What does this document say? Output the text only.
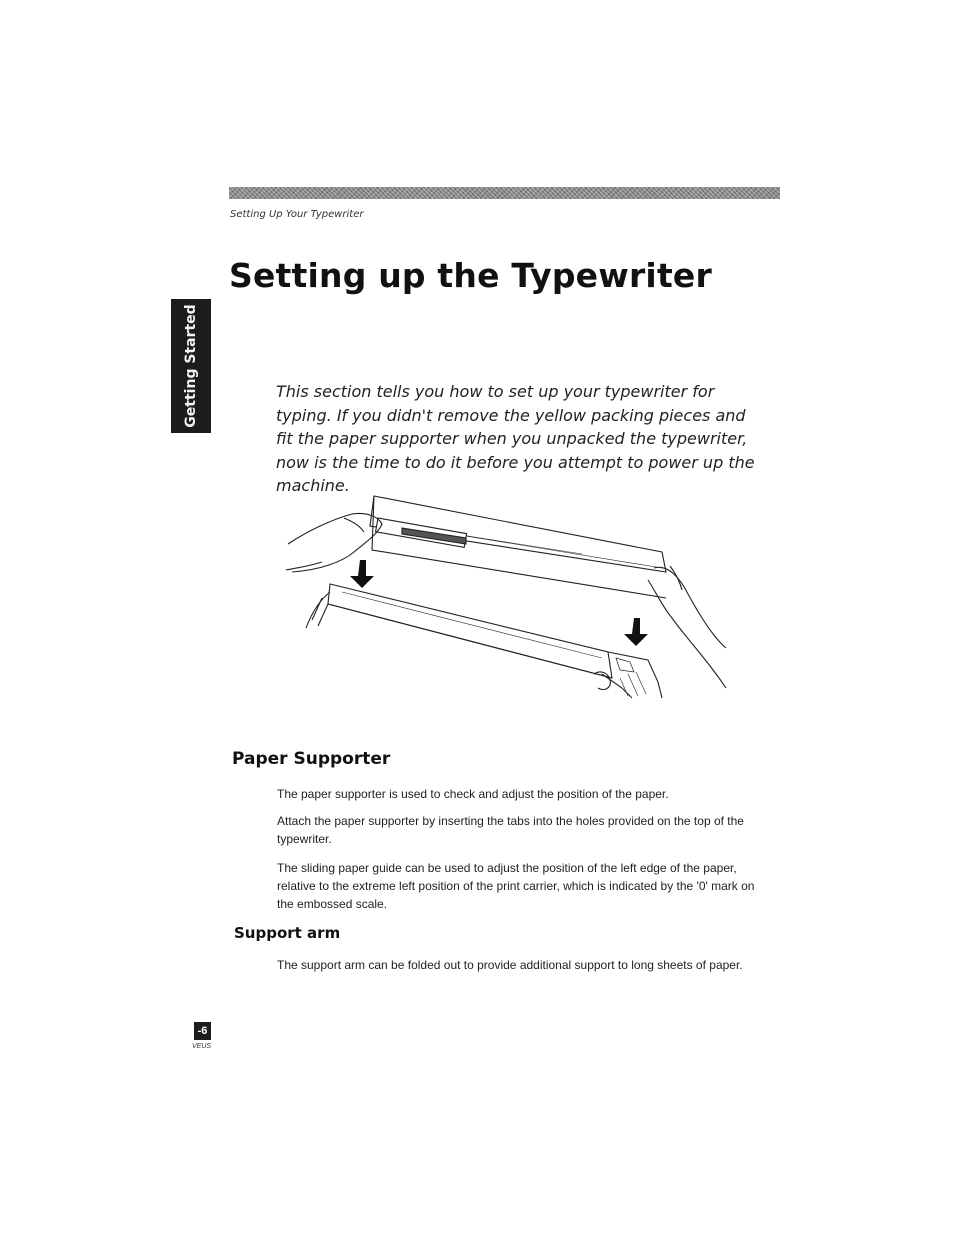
Setting Up Your Typewriter
Setting up the Typewriter
Getting Started	This section tells you how to set up your typewriter for typing. If you didn't remove the yellow packing pieces and fit the paper supporter when you unpacked the typewriter, now is the time to do it before you attempt to power up the machine.

Paper Supporter

The paper supporter is used to check and adjust the position of the paper.

Attach the paper supporter by inserting the tabs into the holes provided on the top of the typewriter.

The sliding paper guide can be used to adjust the position of the left edge of the paper, relative to the extreme left position of the print carrier, which is indicated by the '0' mark on the embossed scale.

Support arm

The support arm can be folded out to provide additional support to long sheets of paper.

-6
VEUS
